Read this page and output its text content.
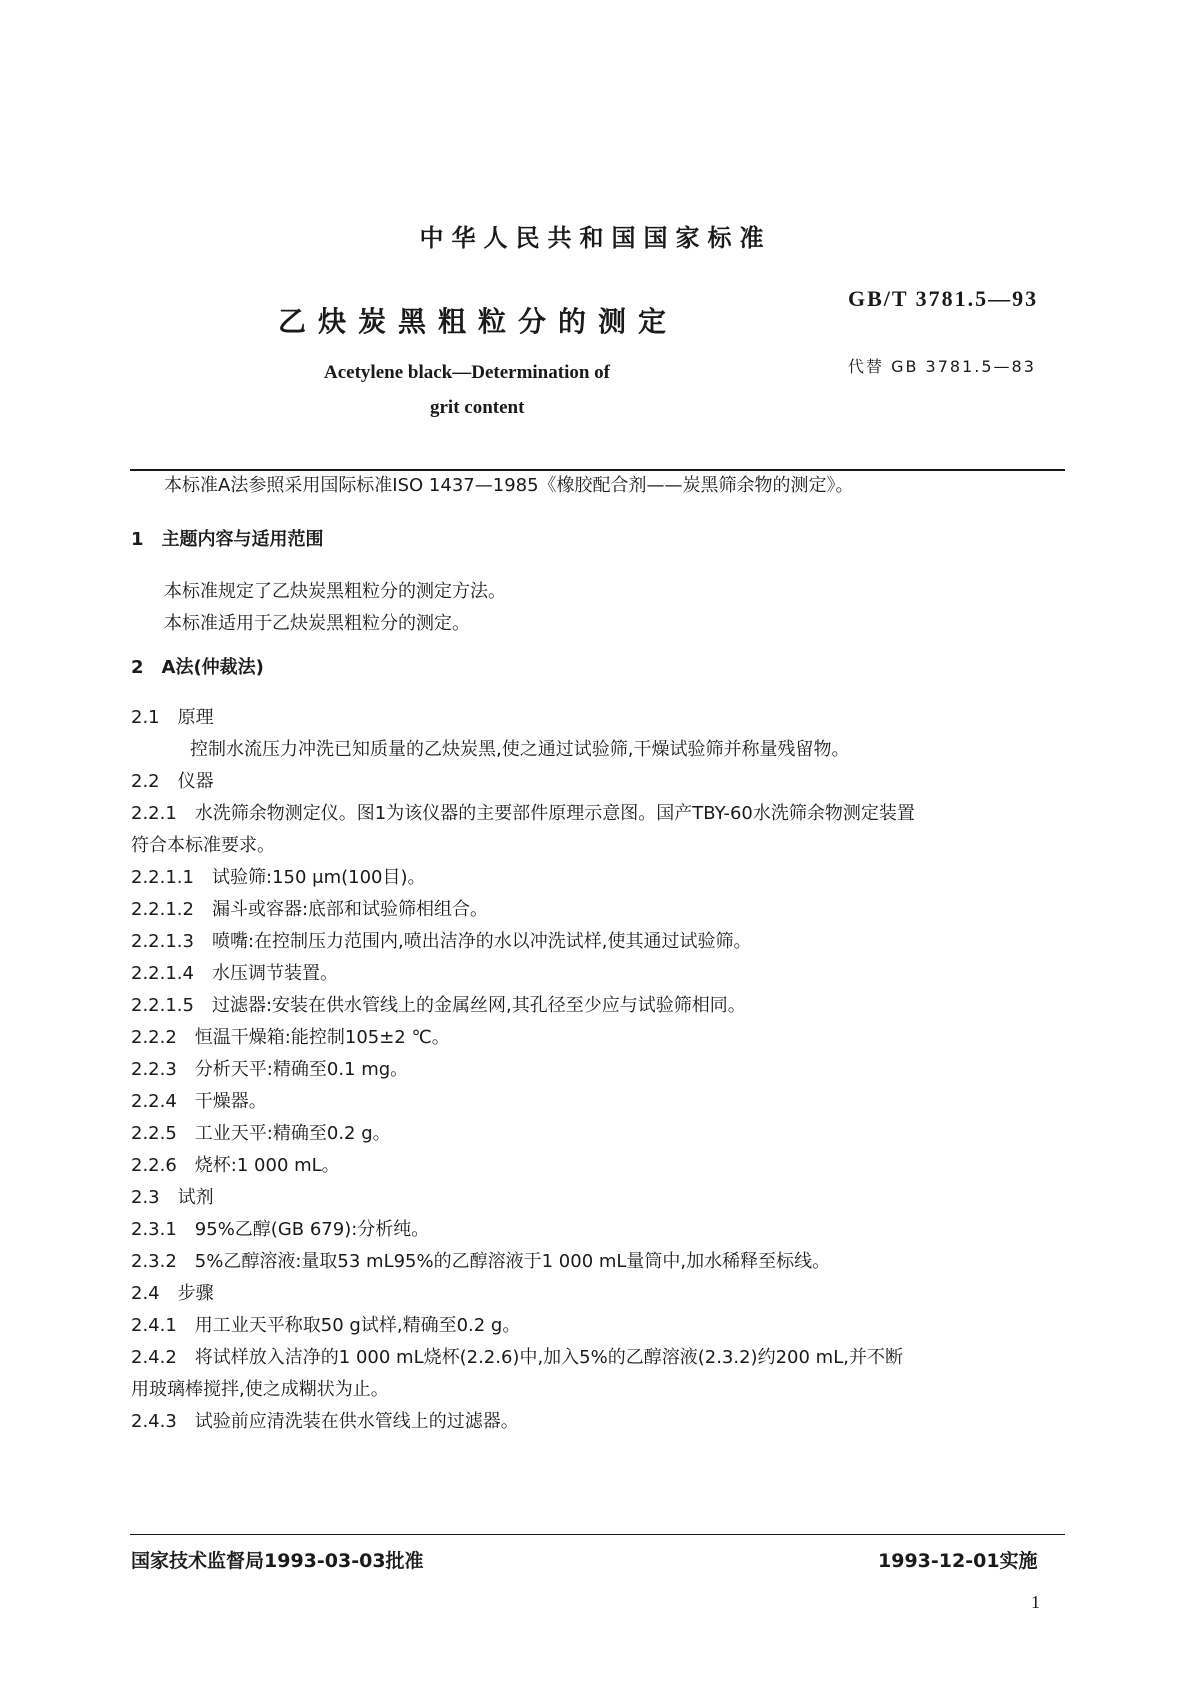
中华人民共和国国家标准
乙炔炭黑粗粒分的测定
GB/T 3781.5—93
代替 GB 3781.5—83
Acetylene black—Determination of
grit content
本标准A法参照采用国际标准ISO 1437—1985《橡胶配合剂——炭黑筛余物的测定》。
1　主题内容与适用范围
本标准规定了乙炔炭黑粗粒分的测定方法。
本标准适用于乙炔炭黑粗粒分的测定。
2　A法(仲裁法)
2.1　原理
控制水流压力冲洗已知质量的乙炔炭黑,使之通过试验筛,干燥试验筛并称量残留物。
2.2　仪器
2.2.1　水洗筛余物测定仪。图1为该仪器的主要部件原理示意图。国产TBY-60水洗筛余物测定装置
符合本标准要求。
2.2.1.1　试验筛:150 μm(100目)。
2.2.1.2　漏斗或容器:底部和试验筛相组合。
2.2.1.3　喷嘴:在控制压力范围内,喷出洁净的水以冲洗试样,使其通过试验筛。
2.2.1.4　水压调节装置。
2.2.1.5　过滤器:安装在供水管线上的金属丝网,其孔径至少应与试验筛相同。
2.2.2　恒温干燥箱:能控制105±2 ℃。
2.2.3　分析天平:精确至0.1 mg。
2.2.4　干燥器。
2.2.5　工业天平:精确至0.2 g。
2.2.6　烧杯:1 000 mL。
2.3　试剂
2.3.1　95%乙醇(GB 679):分析纯。
2.3.2　5%乙醇溶液:量取53 mL95%的乙醇溶液于1 000 mL量筒中,加水稀释至标线。
2.4　步骤
2.4.1　用工业天平称取50 g试样,精确至0.2 g。
2.4.2　将试样放入洁净的1 000 mL烧杯(2.2.6)中,加入5%的乙醇溶液(2.3.2)约200 mL,并不断
用玻璃棒搅拌,使之成糊状为止。
2.4.3　试验前应清洗装在供水管线上的过滤器。
国家技术监督局1993-03-03批准	1993-12-01实施
1
